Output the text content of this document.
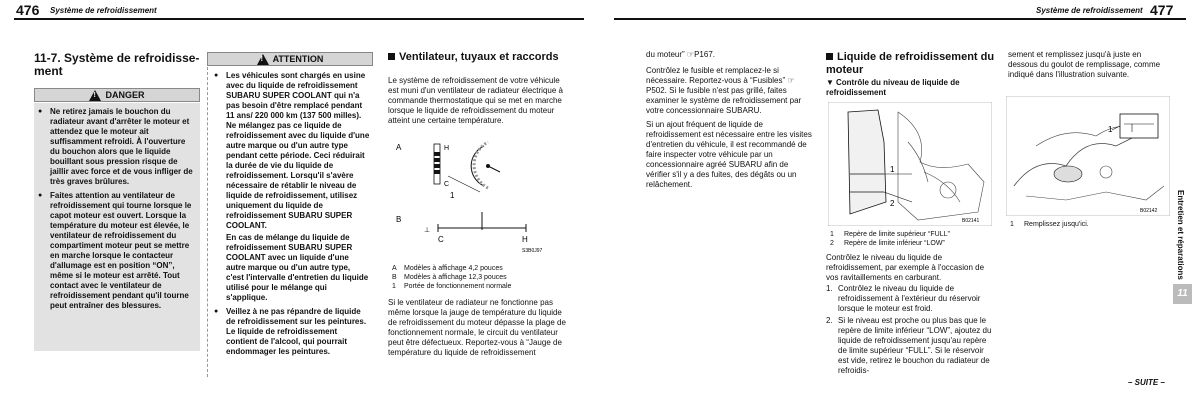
476 Système de refroidissement
11-7. Système de refroidisse-ment
! DANGER
● Ne retirez jamais le bouchon du radiateur avant d'arrêter le moteur et attendez que le moteur ait suffisamment refroidi. À l'ouverture du bouchon alors que le liquide bouillant sous pression risque de jaillir avec force et de vous infliger de très graves brûlures.
● Faites attention au ventilateur de refroidissement qui tourne lorsque le capot moteur est ouvert. Lorsque la température du moteur est élevée, le ventilateur de refroidissement du compartiment moteur peut se mettre en marche lorsque le contacteur d'allumage est en position “ON”, même si le moteur est arrêté. Tout contact avec le ventilateur de refroidissement pendant qu'il tourne peut entraîner des blessures.
! ATTENTION
● Les véhicules sont chargés en usine avec du liquide de refroidissement SUBARU SUPER COOLANT qui n'a pas besoin d'être remplacé pendant 11 ans/ 220 000 km (137 500 milles). Ne mélangez pas ce liquide de refroidissement avec du liquide d'une autre marque ou d'un autre type pendant cette période. Ceci réduirait la durée de vie du liquide de refroidissement. Lorsqu'il s'avère nécessaire de rétablir le niveau de liquide de refroidissement, utilisez uniquement du liquide de refroidissement SUBARU SUPER COOLANT.
En cas de mélange du liquide de refroidissement SUBARU SUPER COOLANT avec un liquide d'une autre marque ou d'un autre type, c'est l'intervalle d'entretien du liquide utilisé pour le mélange qui s'applique.
● Veillez à ne pas répandre de liquide de refroidissement sur les peintures. Le liquide de refroidissement contient de l'alcool, qui pourrait endommager les peintures.
Ventilateur, tuyaux et raccords
Le système de refroidissement de votre véhicule est muni d'un ventilateur de radiateur électrique à commande thermostatique qui se met en marche lorsque le liquide de refroidissement du moteur atteint une certaine température.
A
B
H
C
1
⊥
C	H
S3B0J97
A Modèles à affichage 4,2 pouces
B Modèles à affichage 12,3 pouces
1 Portée de fonctionnement normale
Si le ventilateur de radiateur ne fonctionne pas même lorsque la jauge de température du liquide de refroidissement du moteur dépasse la plage de fonctionnement normale, le circuit du ventilateur peut être défectueux. Reportez-vous à “Jauge de température du liquide de refroidissement
Système de refroidissement 477
du moteur” ☞P167.
Contrôlez le fusible et remplacez-le si nécessaire. Reportez-vous à “Fusibles” ☞P502. Si le fusible n'est pas grillé, faites examiner le système de refroidissement par votre concessionnaire SUBARU.
Si un ajout fréquent de liquide de refroidissement est nécessaire entre les visites d'entretien du véhicule, il est recommandé de faire inspecter votre véhicule par un concessionnaire agréé SUBARU afin de vérifier s'il y a des fuites, des dégâts ou un relâchement.
Liquide de refroidissement du moteur
▼ Contrôle du niveau de liquide de refroidissement
1
2
B02141
1 Repère de limite supérieur “FULL”
2 Repère de limite inférieur “LOW”
Contrôlez le niveau du liquide de refroidissement, par exemple à l'occasion de vos ravitaillements en carburant.
1. Contrôlez le niveau du liquide de refroidissement à l'extérieur du réservoir lorsque le moteur est froid.
2. Si le niveau est proche ou plus bas que le repère de limite inférieur “LOW”, ajoutez du liquide de refroidissement jusqu'au repère de limite supérieur “FULL”. Si le réservoir est vide, retirez le bouchon du radiateur de refroidis-
sement et remplissez jusqu'à juste en dessous du goulot de remplissage, comme indiqué dans l'illustration suivante.
1
B02142
1 Remplissez jusqu'ici.	Entretien et réparations
11
– SUITE –
